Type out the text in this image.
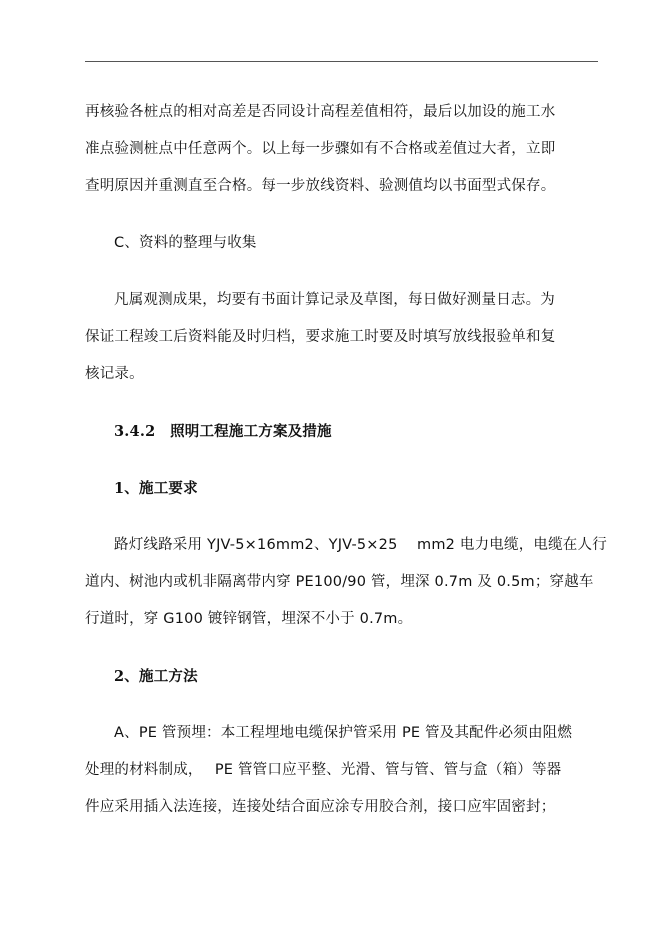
再核验各桩点的相对高差是否同设计高程差值相符，最后以加设的施工水

准点验测桩点中任意两个。以上每一步骤如有不合格或差值过大者，立即

查明原因并重测直至合格。每一步放线资料、验测值均以书面型式保存。

C、资料的整理与收集

凡属观测成果，均要有书面计算记录及草图，每日做好测量日志。为

保证工程竣工后资料能及时归档，要求施工时要及时填写放线报验单和复

核记录。

3.4.2　照明工程施工方案及措施

1、施工要求

路灯线路采用 YJV-5×16mm2、YJV-5×25　 mm2 电力电缆，电缆在人行

道内、树池内或机非隔离带内穿 PE100/90 管，埋深 0.7m 及 0.5m；穿越车

行道时，穿 G100 镀锌钢管，埋深不小于 0.7m。

2、施工方法

A、PE 管预埋：本工程埋地电缆保护管采用 PE 管及其配件必须由阻燃

处理的材料制成，　 PE 管管口应平整、光滑、管与管、管与盒（箱）等器

件应采用插入法连接，连接处结合面应涂专用胶合剂，接口应牢固密封；
